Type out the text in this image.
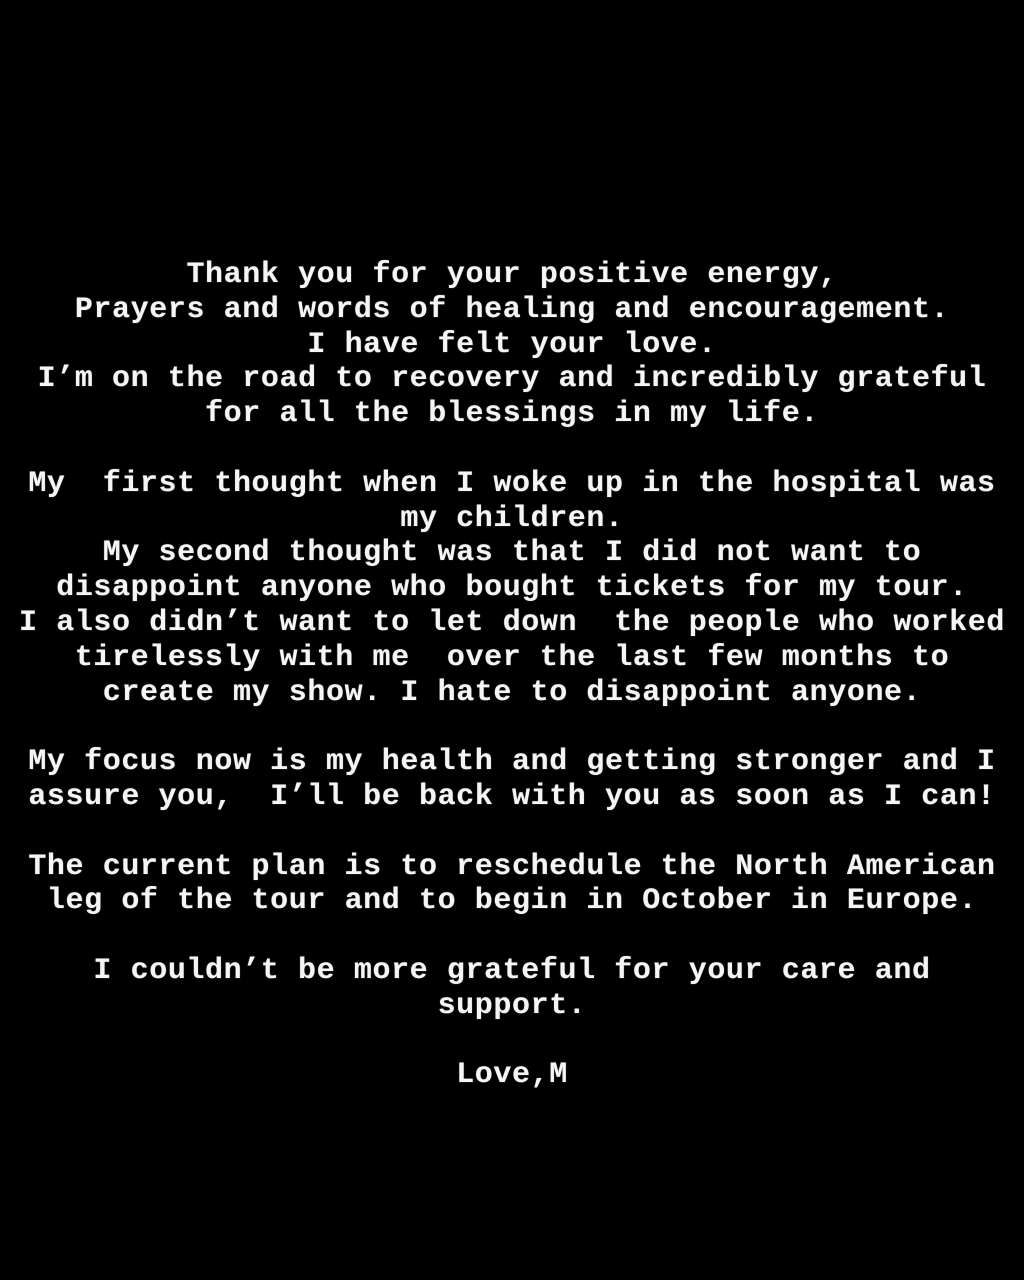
Thank you for your positive energy,
Prayers and words of healing and encouragement.
I have felt your love.
I’m on the road to recovery and incredibly grateful
for all the blessings in my life.
My  first thought when I woke up in the hospital was
my children.
My second thought was that I did not want to
disappoint anyone who bought tickets for my tour.
I also didn’t want to let down  the people who worked
tirelessly with me  over the last few months to
create my show. I hate to disappoint anyone.
My focus now is my health and getting stronger and I
assure you,  I’ll be back with you as soon as I can!
The current plan is to reschedule the North American
leg of the tour and to begin in October in Europe.
I couldn’t be more grateful for your care and
support.
Love,M
